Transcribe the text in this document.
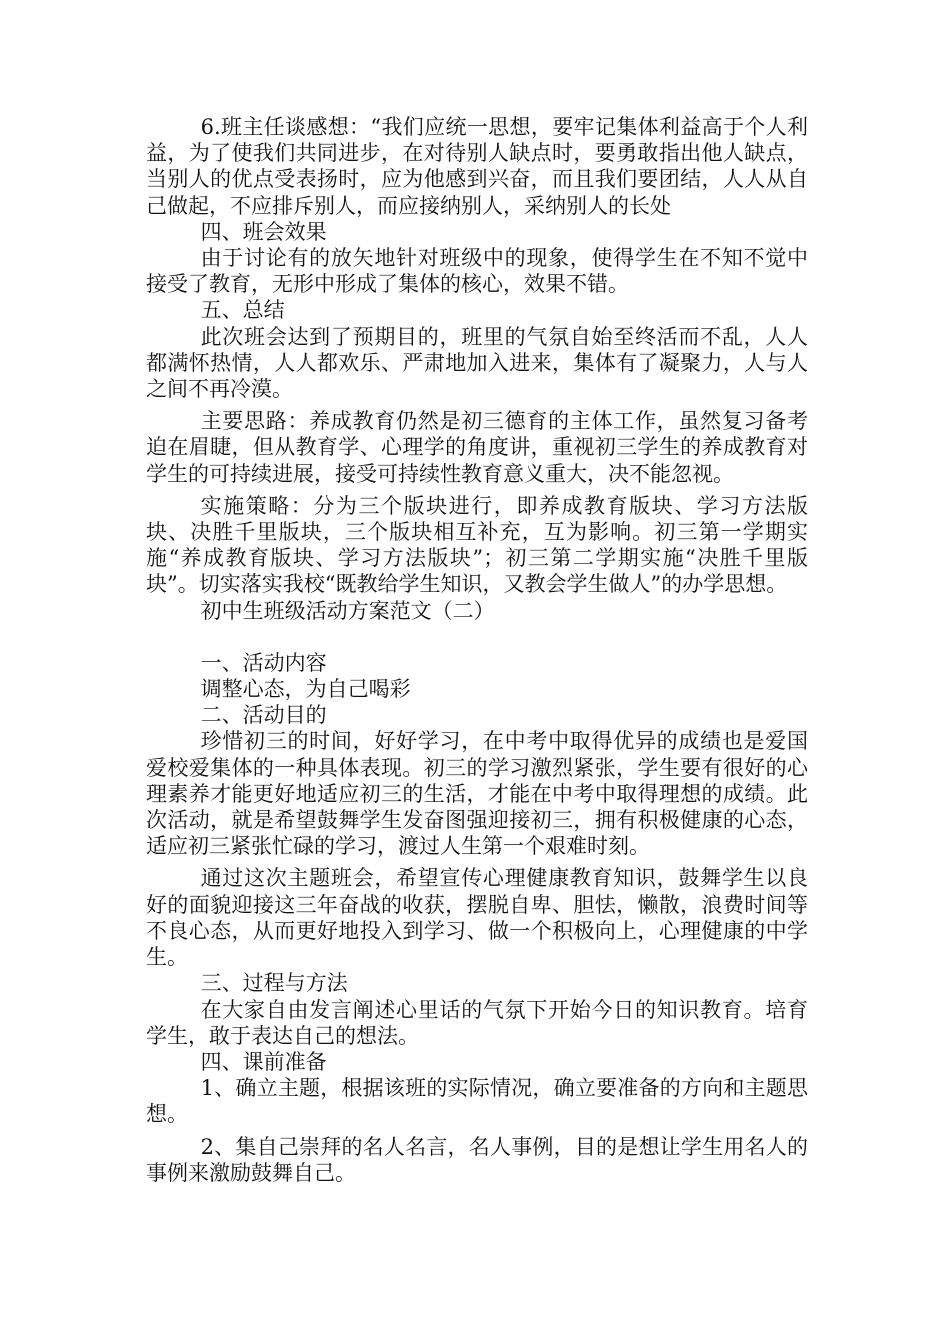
6.班主任谈感想：“我们应统一思想，要牢记集体利益高于个人利益，为了使我们共同进步，在对待别人缺点时，要勇敢指出他人缺点，当别人的优点受表扬时，应为他感到兴奋，而且我们要团结，人人从自己做起，不应排斥别人，而应接纳别人，采纳别人的长处

四、班会效果

由于讨论有的放矢地针对班级中的现象，使得学生在不知不觉中接受了教育，无形中形成了集体的核心，效果不错。

五、总结

此次班会达到了预期目的，班里的气氛自始至终活而不乱，人人都满怀热情，人人都欢乐、严肃地加入进来，集体有了凝聚力，人与人之间不再冷漠。

主要思路：养成教育仍然是初三德育的主体工作，虽然复习备考迫在眉睫，但从教育学、心理学的角度讲，重视初三学生的养成教育对学生的可持续进展，接受可持续性教育意义重大，决不能忽视。

实施策略：分为三个版块进行，即养成教育版块、学习方法版块、决胜千里版块，三个版块相互补充，互为影响。初三第一学期实施“养成教育版块、学习方法版块”；初三第二学期实施“决胜千里版块”。切实落实我校“既教给学生知识，又教会学生做人”的办学思想。

初中生班级活动方案范文（二）

一、活动内容

调整心态，为自己喝彩

二、活动目的

珍惜初三的时间，好好学习，在中考中取得优异的成绩也是爱国爱校爱集体的一种具体表现。初三的学习激烈紧张，学生要有很好的心理素养才能更好地适应初三的生活，才能在中考中取得理想的成绩。此次活动，就是希望鼓舞学生发奋图强迎接初三，拥有积极健康的心态，适应初三紧张忙碌的学习，渡过人生第一个艰难时刻。

通过这次主题班会，希望宣传心理健康教育知识，鼓舞学生以良好的面貌迎接这三年奋战的收获，摆脱自卑、胆怯，懒散，浪费时间等不良心态，从而更好地投入到学习、做一个积极向上，心理健康的中学生。

三、过程与方法

在大家自由发言阐述心里话的气氛下开始今日的知识教育。培育学生，敢于表达自己的想法。

四、课前准备

1、确立主题，根据该班的实际情况，确立要准备的方向和主题思想。

2、集自己崇拜的名人名言，名人事例，目的是想让学生用名人的事例来激励鼓舞自己。
